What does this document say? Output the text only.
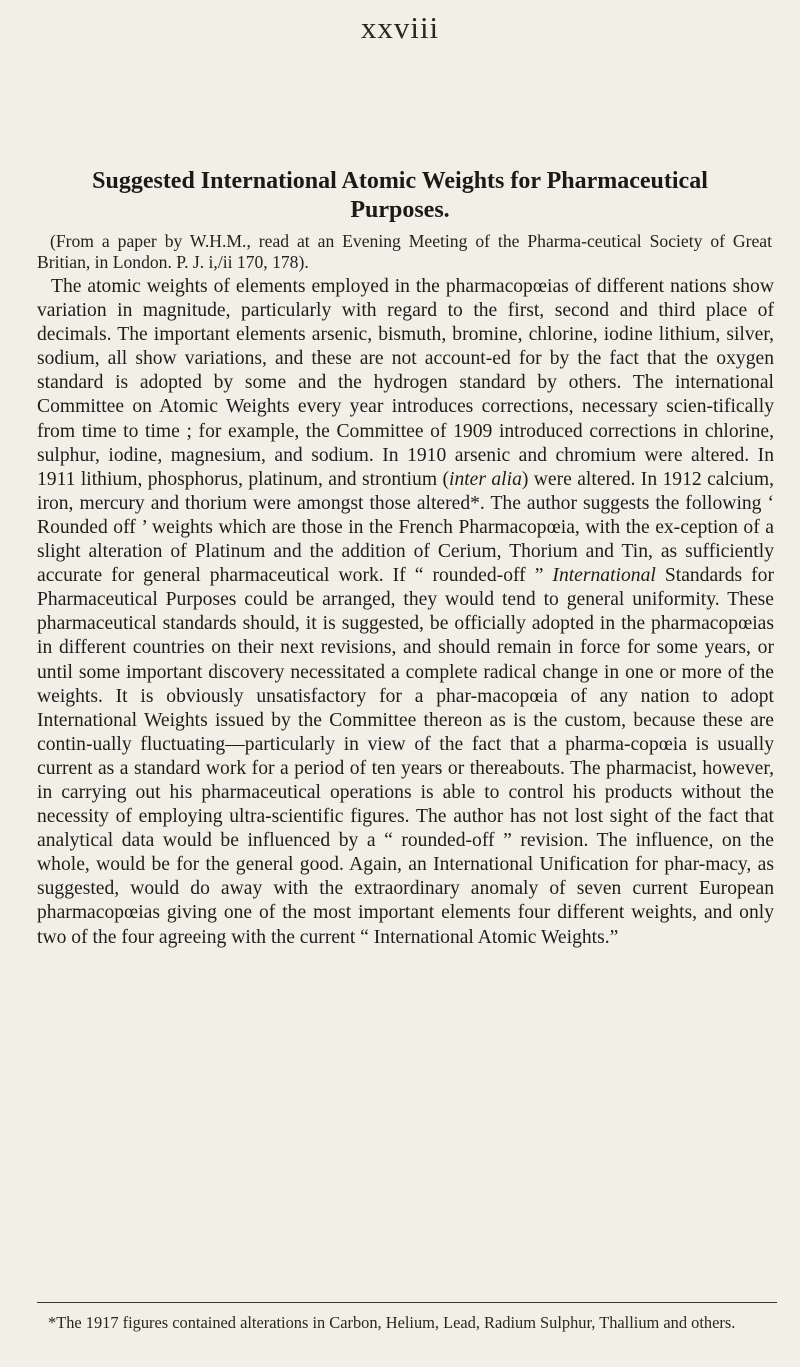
xxviii
Suggested International Atomic Weights for Pharmaceutical Purposes.
(From a paper by W.H.M., read at an Evening Meeting of the Pharma-ceutical Society of Great Britian, in London. P. J. i,/ii 170, 178).

The atomic weights of elements employed in the pharmacopœias of different nations show variation in magnitude, particularly with regard to the first, second and third place of decimals. The important elements arsenic, bismuth, bromine, chlorine, iodine lithium, silver, sodium, all show variations, and these are not account-ed for by the fact that the oxygen standard is adopted by some and the hydrogen standard by others. The international Committee on Atomic Weights every year introduces corrections, necessary scien-tifically from time to time ; for example, the Committee of 1909 introduced corrections in chlorine, sulphur, iodine, magnesium, and sodium. In 1910 arsenic and chromium were altered. In 1911 lithium, phosphorus, platinum, and strontium (inter alia) were altered. In 1912 calcium, iron, mercury and thorium were amongst those altered*. The author suggests the following ‘ Rounded off ’ weights which are those in the French Pharmacopœia, with the ex-ception of a slight alteration of Platinum and the addition of Cerium, Thorium and Tin, as sufficiently accurate for general pharmaceutical work. If “ rounded-off ” International Standards for Pharmaceutical Purposes could be arranged, they would tend to general uniformity. These pharmaceutical standards should, it is suggested, be officially adopted in the pharmacopœias in different countries on their next revisions, and should remain in force for some years, or until some important discovery necessitated a complete radical change in one or more of the weights. It is obviously unsatisfactory for a phar-macopœia of any nation to adopt International Weights issued by the Committee thereon as is the custom, because these are contin-ually fluctuating—particularly in view of the fact that a pharma-copœia is usually current as a standard work for a period of ten years or thereabouts. The pharmacist, however, in carrying out his pharmaceutical operations is able to control his products without the necessity of employing ultra-scientific figures. The author has not lost sight of the fact that analytical data would be influenced by a “ rounded-off ” revision. The influence, on the whole, would be for the general good. Again, an International Unification for phar-macy, as suggested, would do away with the extraordinary anomaly of seven current European pharmacopœias giving one of the most important elements four different weights, and only two of the four agreeing with the current “ International Atomic Weights.”

*The 1917 figures contained alterations in Carbon, Helium, Lead, Radium Sulphur, Thallium and others.
